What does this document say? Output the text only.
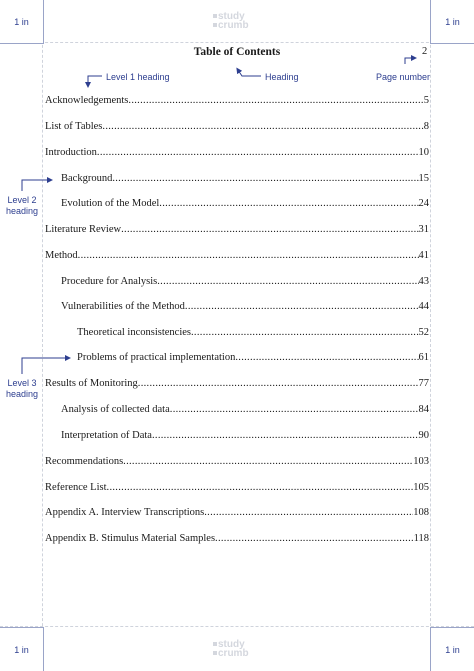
1 in	1 in
1 in	1 in
study
crumb
study
crumb
Table of Contents	2
Level 1 heading	Heading	Page number
Level 2
heading
Level 3
heading
Acknowledgements .....	5
List of Tables .....	8
Introduction .....	10
Background .....	15
Evolution of the Model .....	24
Literature Review .....	31
Method .....	41
Procedure for Analysis .....	43
Vulnerabilities of the Method .....	44
Theoretical inconsistencies .....	52
Problems of practical implementation .....	61
Results of Monitoring .....	77
Analysis of collected data .....	84
Interpretation of Data .....	90
Recommendations .....	103
Reference List .....	105
Appendix A. Interview Transcriptions .....	108
Appendix B. Stimulus Material Samples .....	118
